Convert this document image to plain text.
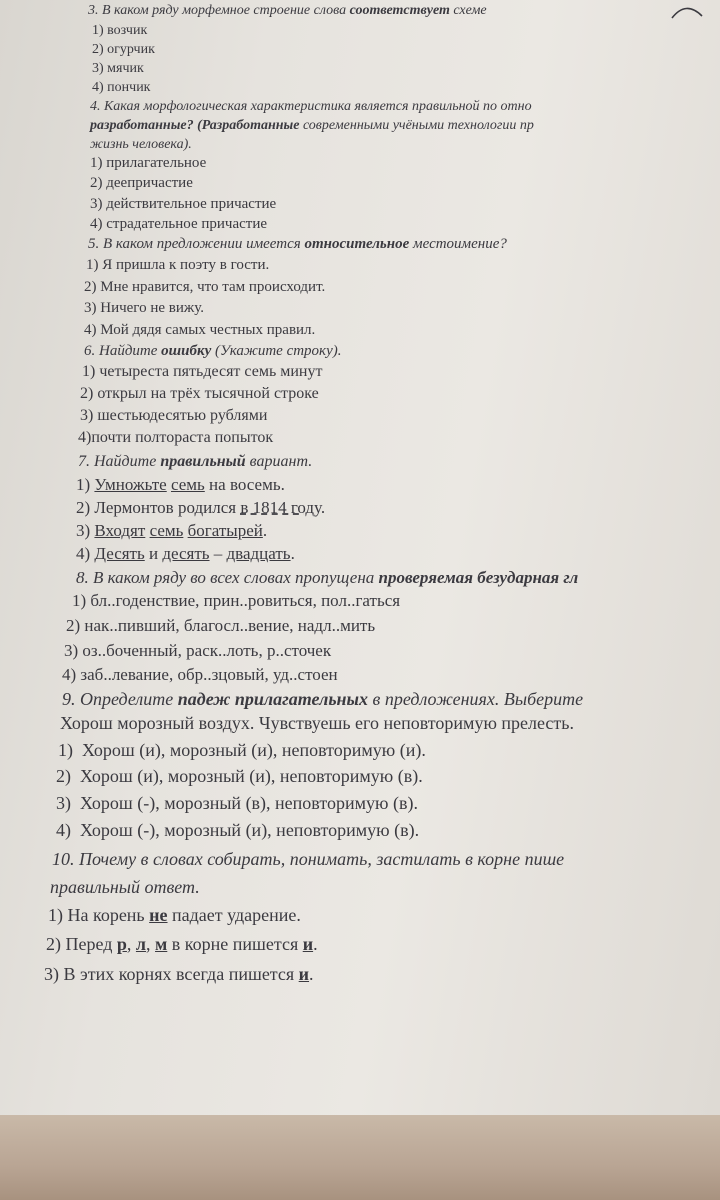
3. В каком ряду морфемное строение слова соответствует схеме
1) возчик
2) огурчик
3) мячик
4) пончик
4. Какая морфологическая характеристика является правильной по отно
разработанные? (Разработанные современными учёными технологии пр
жизнь человека).
1) прилагательное
2) деепричастие
3) действительное причастие
4) страдательное причастие
5. В каком предложении имеется относительное местоимение?
1) Я пришла к поэту в гости.
2) Мне нравится, что там происходит.
3) Ничего не вижу.
4) Мой дядя самых честных правил.
6. Найдите ошибку (Укажите строку).
1) четыреста пятьдесят семь минут
2) открыл на трёх тысячной строке
3) шестьюдесятью рублями
4)почти полтораста попыток
7. Найдите правильный вариант.
1) Умножьте семь на восемь.
2) Лермонтов родился в 1814 году.
3) Входят семь богатырей.
4) Десять и десять – двадцать.
8. В каком ряду во всех словах пропущена проверяемая безударная гл
1) бл..годенствие, прин..ровиться, пол..гаться
2) нак..пивший, благосл..вение, надл..мить
3) оз..боченный, раск..лоть, р..сточек
4) заб..левание, обр..зцовый, уд..стоен
9. Определите падеж прилагательных в предложениях. Выберите
Хорош морозный воздух. Чувствуешь его неповторимую прелесть.
1)  Хорош (и), морозный (и), неповторимую (и).
2)  Хорош (и), морозный (и), неповторимую (в).
3)  Хорош (-), морозный (в), неповторимую (в).
4)  Хорош (-), морозный (и), неповторимую (в).
10. Почему в словах собирать, понимать, застилать в корне пише
правильный ответ.
1) На корень не падает ударение.
2) Перед р, л, м в корне пишется и.
3) В этих корнях всегда пишется и.
